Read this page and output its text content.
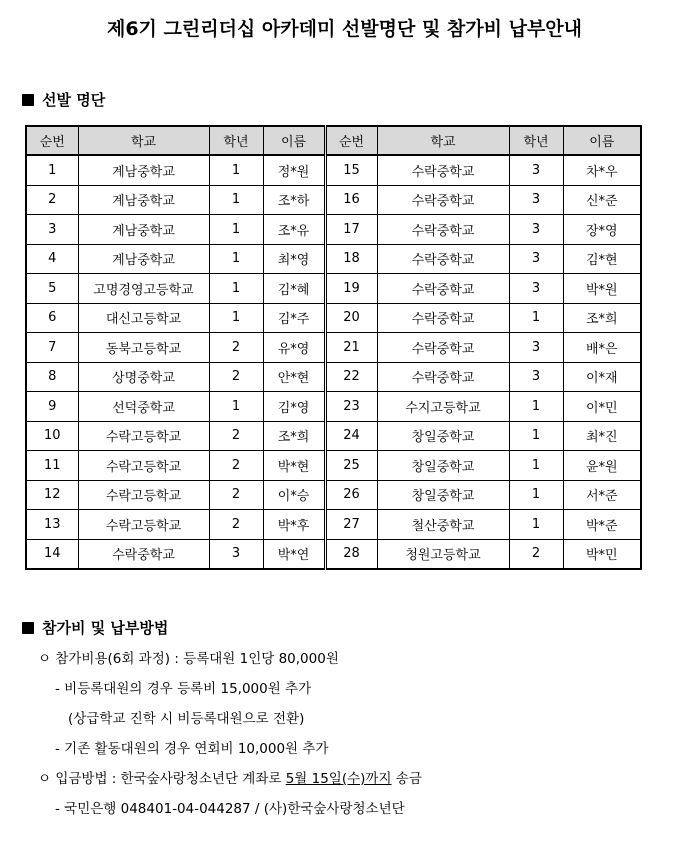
제6기 그린리더십 아카데미 선발명단 및 참가비 납부안내
선발 명단
순번	학교	학년	이름	순번	학교	학년	이름
1	계남중학교	1	정*원	15	수락중학교	3	차*우
2	계남중학교	1	조*하	16	수락중학교	3	신*준
3	계남중학교	1	조*유	17	수락중학교	3	장*영
4	계남중학교	1	최*영	18	수락중학교	3	김*현
5	고명경영고등학교	1	김*혜	19	수락중학교	3	박*원
6	대신고등학교	1	김*주	20	수락중학교	1	조*희
7	동북고등학교	2	유*영	21	수락중학교	3	배*은
8	상명중학교	2	안*현	22	수락중학교	3	이*재
9	선덕중학교	1	김*영	23	수지고등학교	1	이*민
10	수락고등학교	2	조*희	24	창일중학교	1	최*진
11	수락고등학교	2	박*현	25	창일중학교	1	윤*원
12	수락고등학교	2	이*승	26	창일중학교	1	서*준
13	수락고등학교	2	박*후	27	철산중학교	1	박*준
14	수락중학교	3	박*연	28	청원고등학교	2	박*민
참가비 및 납부방법
ㅇ 참가비용(6회 과정) : 등록대원 1인당 80,000원
- 비등록대원의 경우 등록비 15,000원 추가
(상급학교 진학 시 비등록대원으로 전환)
- 기존 활동대원의 경우 연회비 10,000원 추가
ㅇ 입금방법 : 한국숲사랑청소년단 계좌로 5월 15일(수)까지 송금
- 국민은행 048401-04-044287 / (사)한국숲사랑청소년단
